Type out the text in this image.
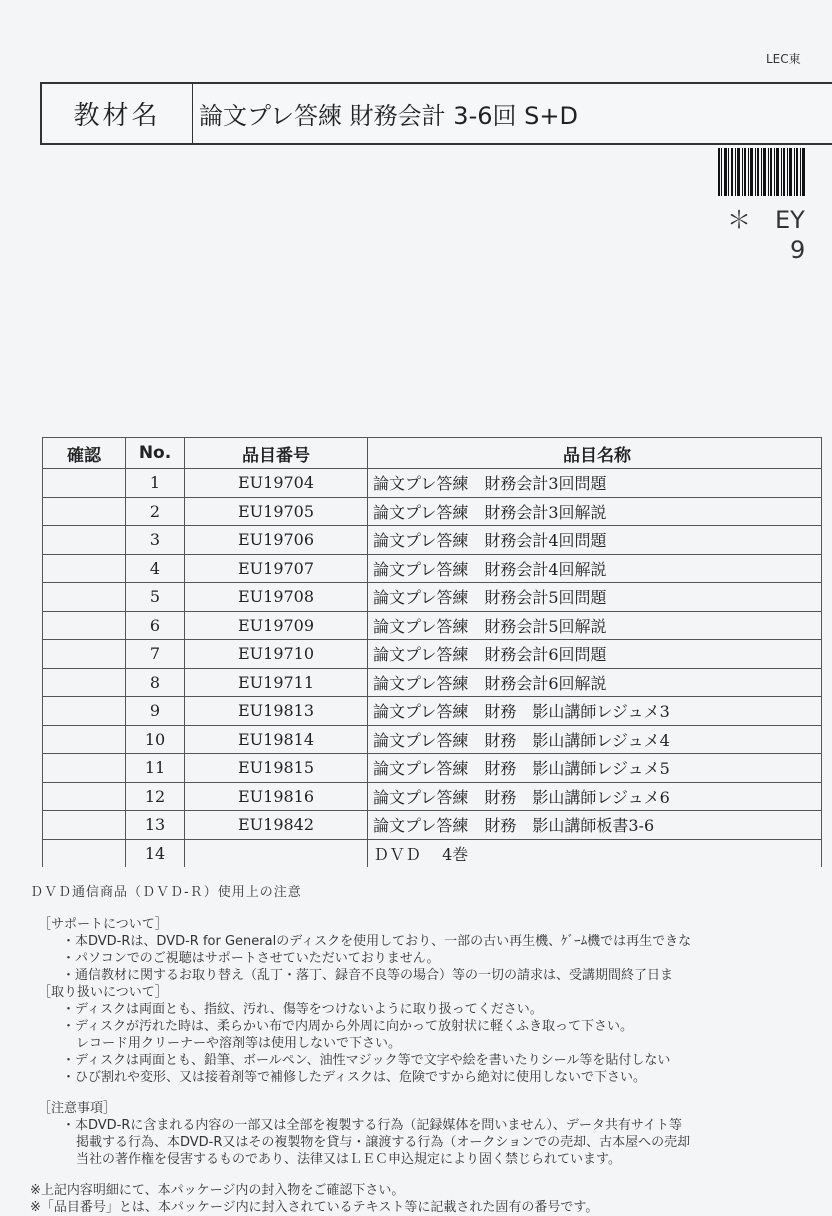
LEC東
教材名	論文プレ答練 財務会計 3-6回 S+D
＊　EY
9
確認	No.	品目番号	品目名称
	1	EU19704	論文プレ答練　財務会計3回問題
	2	EU19705	論文プレ答練　財務会計3回解説
	3	EU19706	論文プレ答練　財務会計4回問題
	4	EU19707	論文プレ答練　財務会計4回解説
	5	EU19708	論文プレ答練　財務会計5回問題
	6	EU19709	論文プレ答練　財務会計5回解説
	7	EU19710	論文プレ答練　財務会計6回問題
	8	EU19711	論文プレ答練　財務会計6回解説
	9	EU19813	論文プレ答練　財務　影山講師レジュメ3
	10	EU19814	論文プレ答練　財務　影山講師レジュメ4
	11	EU19815	論文プレ答練　財務　影山講師レジュメ5
	12	EU19816	論文プレ答練　財務　影山講師レジュメ6
	13	EU19842	論文プレ答練　財務　影山講師板書3-6
	14		ＤＶＤ　 4巻
ＤＶＤ通信商品（ＤＶＤ-Ｒ）使用上の注意
［サポートについて］
・本DVD-Rは、DVD-R for Generalのディスクを使用しており、一部の古い再生機、ｹﾞｰﾑ機では再生できな
・パソコンでのご視聴はサポートさせていただいておりません。
・通信教材に関するお取り替え（乱丁・落丁、録音不良等の場合）等の一切の請求は、受講期間終了日ま
［取り扱いについて］
・ディスクは両面とも、指紋、汚れ、傷等をつけないように取り扱ってください。
・ディスクが汚れた時は、柔らかい布で内周から外周に向かって放射状に軽くふき取って下さい。
レコード用クリーナーや溶剤等は使用しないで下さい。
・ディスクは両面とも、鉛筆、ボールペン、油性マジック等で文字や絵を書いたりシール等を貼付しない
・ひび割れや変形、又は接着剤等で補修したディスクは、危険ですから絶対に使用しないで下さい。
［注意事項］
・本DVD-Rに含まれる内容の一部又は全部を複製する行為（記録媒体を問いません）、データ共有サイト等
掲載する行為、本DVD-R又はその複製物を貸与・譲渡する行為（オークションでの売却、古本屋への売却
当社の著作権を侵害するものであり、法律又はＬＥＣ申込規定により固く禁じられています。
※上記内容明細にて、本パッケージ内の封入物をご確認下さい。
※「品目番号」とは、本パッケージ内に封入されているテキスト等に記載された固有の番号です。
